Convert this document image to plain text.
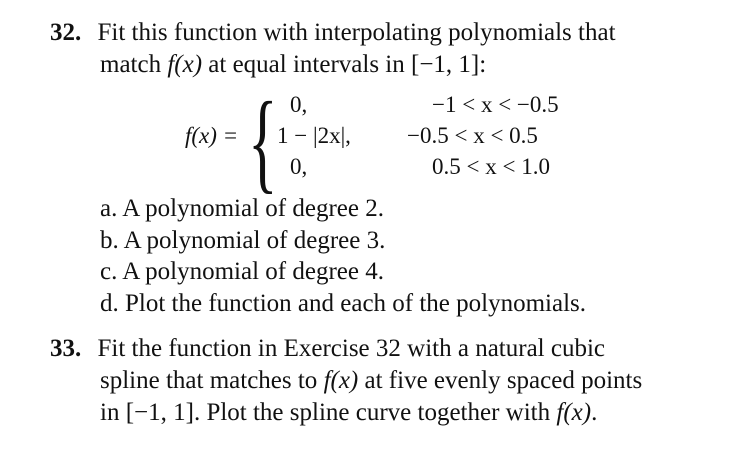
32. Fit this function with interpolating polynomials that
match f(x) at equal intervals in [−1, 1]:
f(x) = { 0,
1 − |2x|,
0,
−1 < x < −0.5
−0.5 < x < 0.5
0.5 < x < 1.0
a. A polynomial of degree 2.
b. A polynomial of degree 3.
c. A polynomial of degree 4.
d. Plot the function and each of the polynomials.
33. Fit the function in Exercise 32 with a natural cubic
spline that matches to f(x) at five evenly spaced points
in [−1, 1]. Plot the spline curve together with f(x).
